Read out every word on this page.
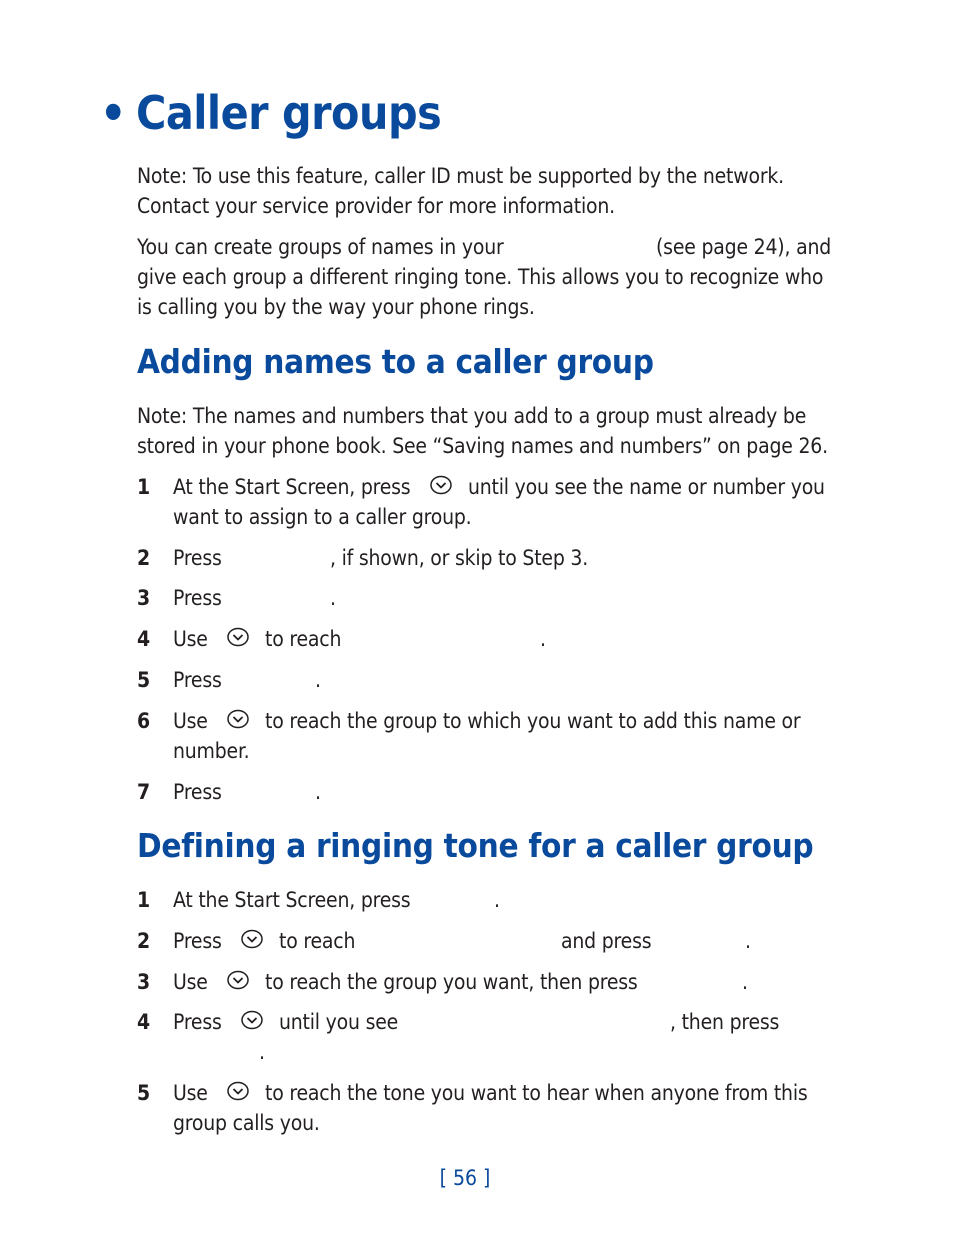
• Caller groups
Note: To use this feature, caller ID must be supported by the network.
Contact your service provider for more information.
You can create groups of names in your	(see page 24), and
give each group a different ringing tone. This allows you to recognize who
is calling you by the way your phone rings.
Adding names to a caller group
Note: The names and numbers that you add to a group must already be
stored in your phone book. See “Saving names and numbers” on page 26.
1 At the Start Screen, press	until you see the name or number you
want to assign to a caller group.
2 Press	, if shown, or skip to Step 3.
3 Press	.
4 Use	to reach	.
5 Press	.
6 Use	to reach the group to which you want to add this name or
number.
7 Press	.
Defining a ringing tone for a caller group
1 At the Start Screen, press	.
2 Press	to reach	and press	.
3 Use	to reach the group you want, then press	.
4 Press	until you see	, then press
.
5 Use	to reach the tone you want to hear when anyone from this
group calls you.
[ 56 ]
